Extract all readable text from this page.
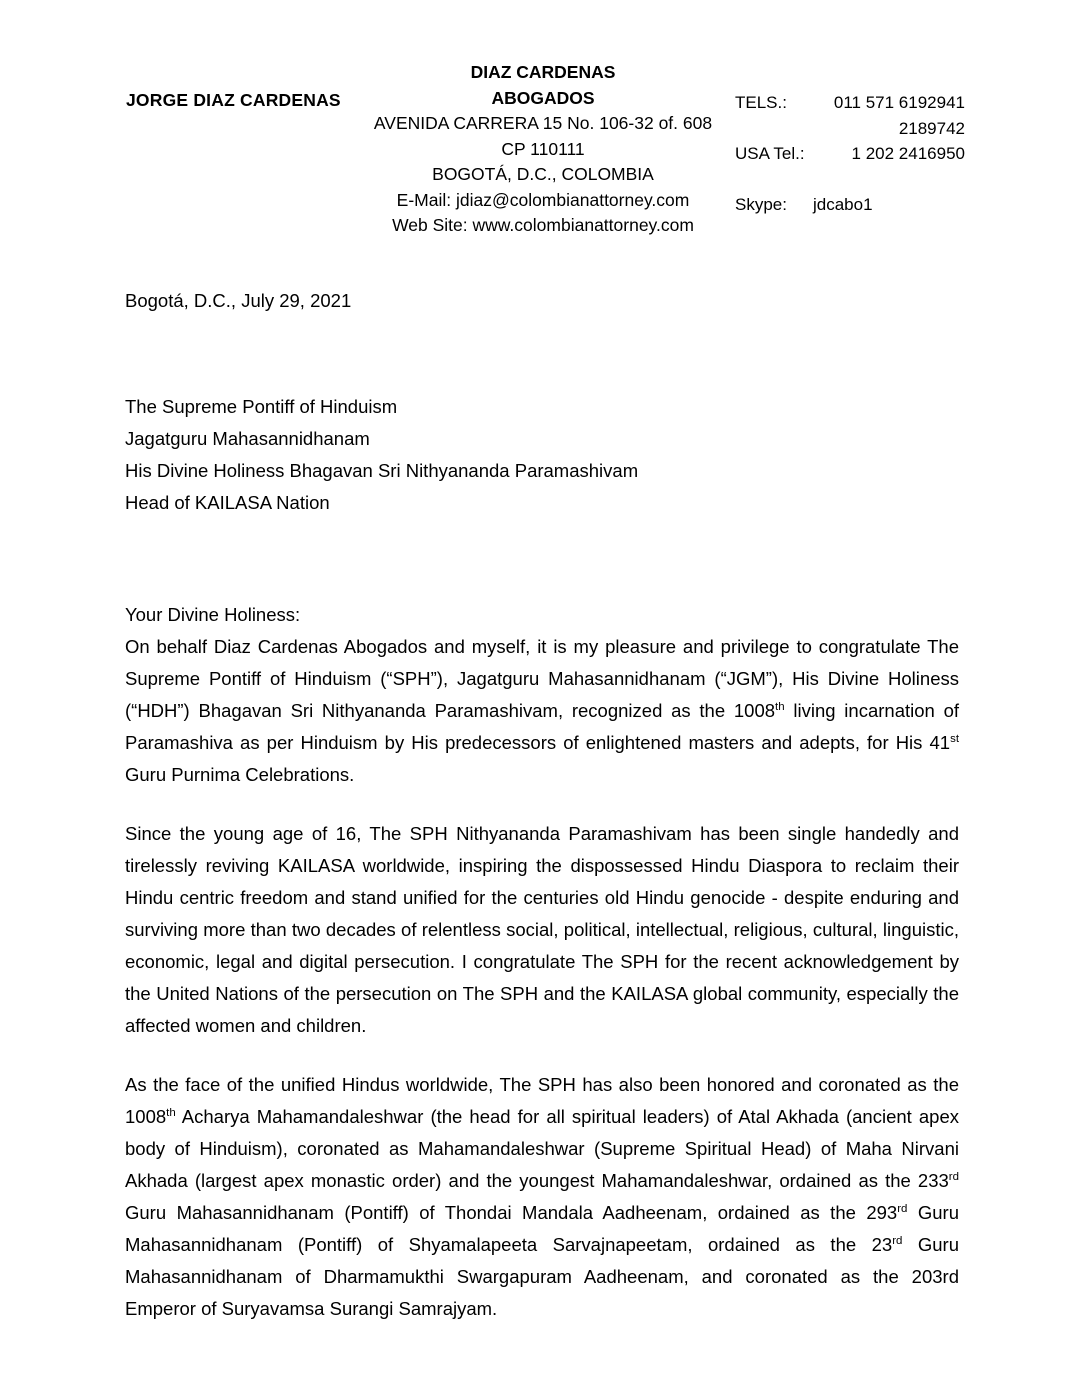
JORGE DIAZ CARDENAS
DIAZ CARDENAS
ABOGADOS
AVENIDA CARRERA 15 No. 106-32 of. 608
CP 110111
BOGOTÁ, D.C., COLOMBIA
E-Mail: jdiaz@colombianattorney.com
Web Site: www.colombianattorney.com
TELS.:	011 571 6192941
2189742
USA Tel.:	1 202 2416950
Skype:	jdcabo1
Bogotá, D.C., July 29, 2021
The Supreme Pontiff of Hinduism
Jagatguru Mahasannidhanam
His Divine Holiness Bhagavan Sri Nithyananda Paramashivam
Head of KAILASA Nation
Your Divine Holiness:

On behalf Diaz Cardenas Abogados and myself, it is my pleasure and privilege to congratulate The Supreme Pontiff of Hinduism (“SPH”), Jagatguru Mahasannidhanam (“JGM”), His Divine Holiness (“HDH”) Bhagavan Sri Nithyananda Paramashivam, recognized as the 1008th living incarnation of Paramashiva as per Hinduism by His predecessors of enlightened masters and adepts, for His 41st Guru Purnima Celebrations.

Since the young age of 16, The SPH Nithyananda Paramashivam has been single handedly and tirelessly reviving KAILASA worldwide, inspiring the dispossessed Hindu Diaspora to reclaim their Hindu centric freedom and stand unified for the centuries old Hindu genocide - despite enduring and surviving more than two decades of relentless social, political, intellectual, religious, cultural, linguistic, economic, legal and digital persecution. I congratulate The SPH for the recent acknowledgement by the United Nations of the persecution on The SPH and the KAILASA global community, especially the affected women and children.

As the face of the unified Hindus worldwide, The SPH has also been honored and coronated as the 1008th Acharya Mahamandaleshwar (the head for all spiritual leaders) of Atal Akhada (ancient apex body of Hinduism), coronated as Mahamandaleshwar (Supreme Spiritual Head) of Maha Nirvani Akhada (largest apex monastic order) and the youngest Mahamandaleshwar, ordained as the 233rd Guru Mahasannidhanam (Pontiff) of Thondai Mandala Aadheenam, ordained as the 293rd Guru Mahasannidhanam (Pontiff) of Shyamalapeeta Sarvajnapeetam, ordained as the 23rd Guru Mahasannidhanam of Dharmamukthi Swargapuram Aadheenam, and coronated as the 203rd Emperor of Suryavamsa Surangi Samrajyam.
